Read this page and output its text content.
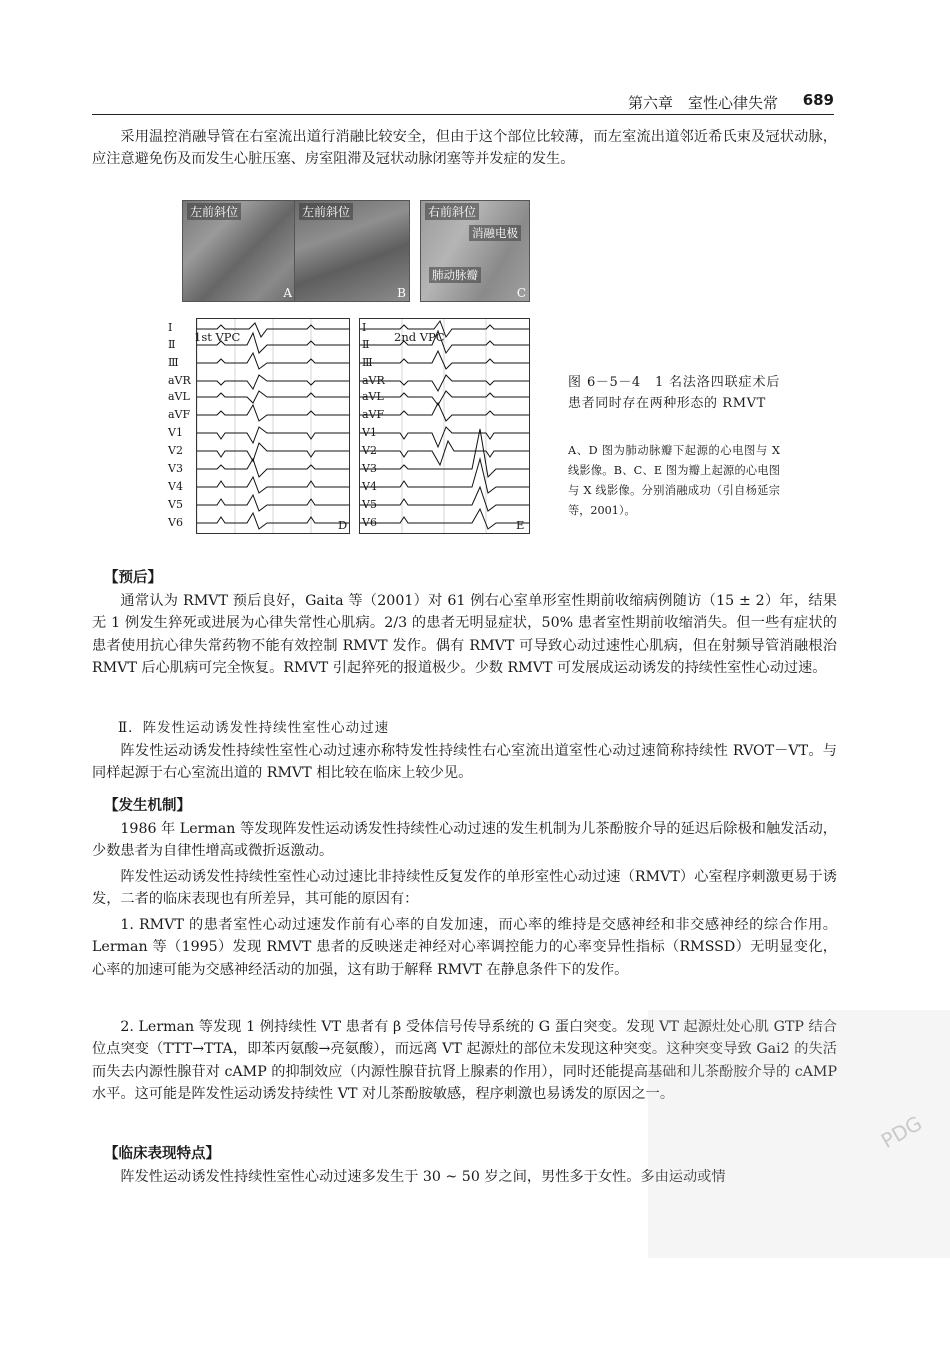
第六章　室性心律失常 689

采用温控消融导管在右室流出道行消融比较安全，但由于这个部位比较薄，而左室流出道邻近希氏束及冠状动脉，应注意避免伤及而发生心脏压塞、房室阻滞及冠状动脉闭塞等并发症的发生。

左前斜位
A
左前斜位
B
右前斜位
消融电极
肺动脉瓣
C
1st VPC
D
2nd VPC
E
Ⅰ
Ⅱ
Ⅲ
aVR
aVL
aVF
V1
V2
V3
V4
V5
V6
Ⅰ
Ⅱ
Ⅲ
aVR
aVL
aVF
V1
V2
V3
V4
V5
V6

图 6－5－4　1 名法洛四联症术后患者同时存在两种形态的 RMVT

A、D 图为肺动脉瓣下起源的心电图与 X 线影像。B、C、E 图为瓣上起源的心电图与 X 线影像。分别消融成功（引自杨延宗等，2001）。

【预后】

通常认为 RMVT 预后良好，Gaita 等（2001）对 61 例右心室单形室性期前收缩病例随访（15 ± 2）年，结果无 1 例发生猝死或进展为心律失常性心肌病。2/3 的患者无明显症状，50% 患者室性期前收缩消失。但一些有症状的患者使用抗心律失常药物不能有效控制 RMVT 发作。偶有 RMVT 可导致心动过速性心肌病，但在射频导管消融根治 RMVT 后心肌病可完全恢复。RMVT 引起猝死的报道极少。少数 RMVT 可发展成运动诱发的持续性室性心动过速。

Ⅱ．阵发性运动诱发性持续性室性心动过速

阵发性运动诱发性持续性室性心动过速亦称特发性持续性右心室流出道室性心动过速简称持续性 RVOT－VT。与同样起源于右心室流出道的 RMVT 相比较在临床上较少见。

【发生机制】

1986 年 Lerman 等发现阵发性运动诱发性持续性心动过速的发生机制为儿茶酚胺介导的延迟后除极和触发活动，少数患者为自律性增高或微折返激动。

阵发性运动诱发性持续性室性心动过速比非持续性反复发作的单形室性心动过速（RMVT）心室程序刺激更易于诱发，二者的临床表现也有所差异，其可能的原因有：

1. RMVT 的患者室性心动过速发作前有心率的自发加速，而心率的维持是交感神经和非交感神经的综合作用。Lerman 等（1995）发现 RMVT 患者的反映迷走神经对心率调控能力的心率变异性指标（RMSSD）无明显变化，心率的加速可能为交感神经活动的加强，这有助于解释 RMVT 在静息条件下的发作。

2. Lerman 等发现 1 例持续性 VT 患者有 β 受体信号传导系统的 G 蛋白突变。发现 VT 起源灶处心肌 GTP 结合位点突变（TTT→TTA，即苯丙氨酸→亮氨酸），而远离 VT 起源灶的部位未发现这种突变。这种突变导致 Gai2 的失活而失去内源性腺苷对 cAMP 的抑制效应（内源性腺苷抗肾上腺素的作用），同时还能提高基础和儿茶酚胺介导的 cAMP 水平。这可能是阵发性运动诱发持续性 VT 对儿茶酚胺敏感，程序刺激也易诱发的原因之一。

【临床表现特点】

阵发性运动诱发性持续性室性心动过速多发生于 30 ~ 50 岁之间，男性多于女性。多由运动或情

PDG
